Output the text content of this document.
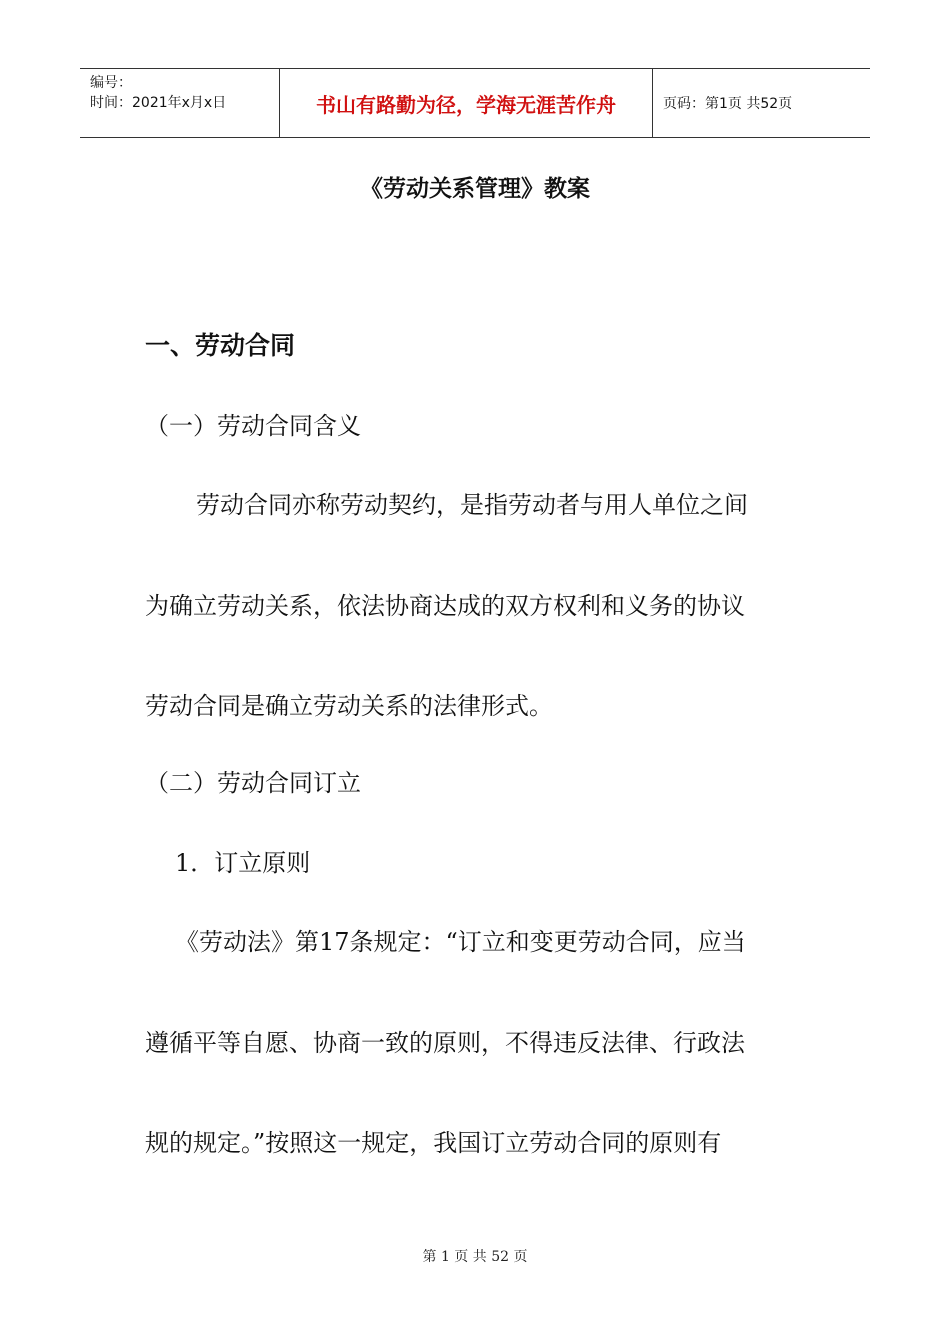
编号：
时间：2021年x月x日	书山有路勤为径，学海无涯苦作舟	页码：第1页 共52页
《劳动关系管理》教案
一、劳动合同
（一）劳动合同含义
劳动合同亦称劳动契约，是指劳动者与用人单位之间
为确立劳动关系，依法协商达成的双方权利和义务的协议
劳动合同是确立劳动关系的法律形式。
（二）劳动合同订立
1．订立原则
《劳动法》第17条规定：“订立和变更劳动合同，应当
遵循平等自愿、协商一致的原则，不得违反法律、行政法
规的规定。”按照这一规定，我国订立劳动合同的原则有
第 1 页 共 52 页
